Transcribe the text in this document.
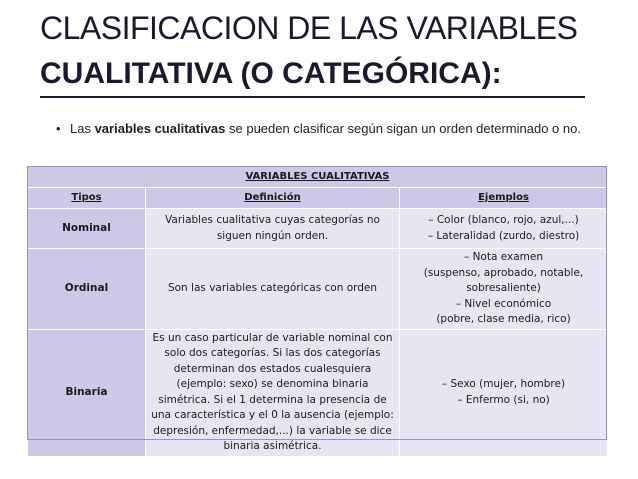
CLASIFICACION DE LAS VARIABLES
CUALITATIVA (O CATEGÓRICA):
• Las variables cualitativas se pueden clasificar según sigan un orden determinado o no.
VARIABLES CUALITATIVAS		
Tipos	Definición	Ejemplos
Nominal	Variables cualitativa cuyas categorías no siguen ningún orden.	– Color (blanco, rojo, azul,...)
– Lateralidad (zurdo, diestro)

Ordinal	Son las variables categóricas con orden	– Nota examen
(suspenso, aprobado, notable,
sobresaliente)
– Nivel económico
(pobre, clase media, rico)

Binaria	Es un caso particular de variable nominal con solo dos categorías. Si las dos categorías determinan dos estados cualesquiera (ejemplo: sexo) se denomina binaria simétrica. Si el 1 determina la presencia de una característica y el 0 la ausencia (ejemplo: depresión, enfermedad,...) la variable se dice binaria asimétrica.	– Sexo (mujer, hombre)
– Enfermo (si, no)
